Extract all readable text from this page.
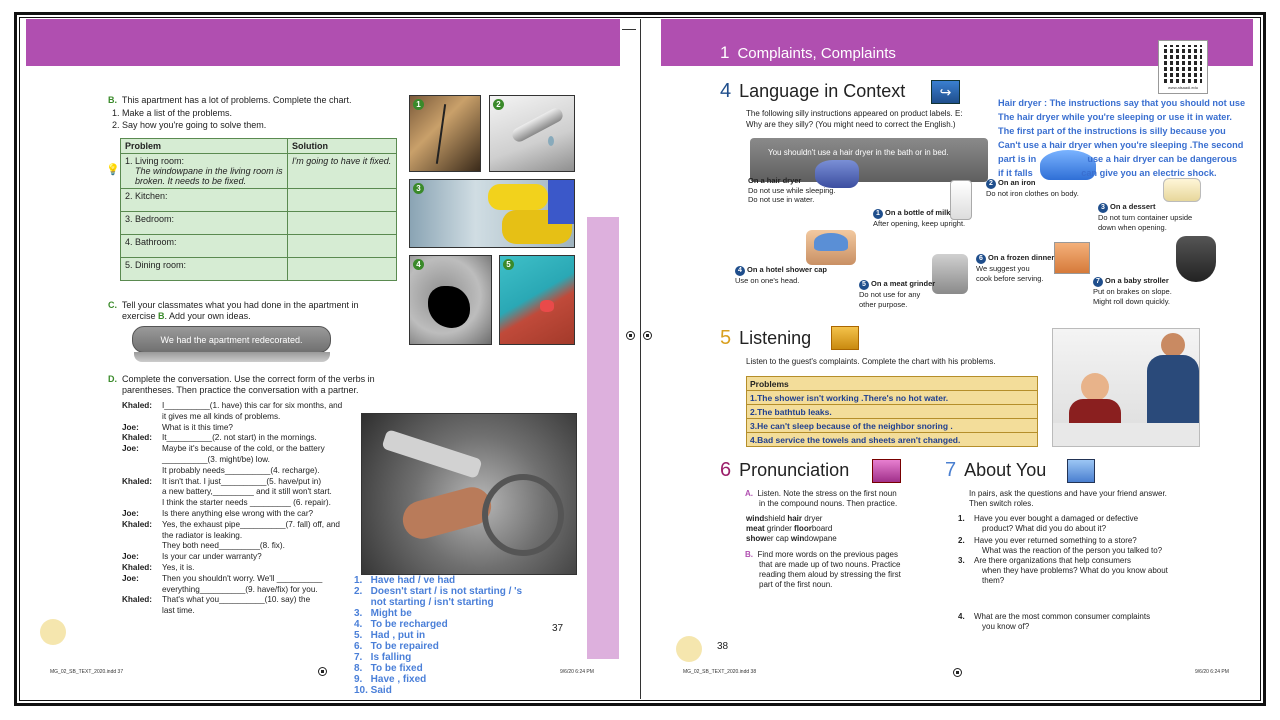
B. This apartment has a lot of problems. Complete the chart.
1. Make a list of the problems.
2. Say how you're going to solve them.
💡
Problem	Solution

1. Living room:
The windowpane in the living room is broken. It needs to be fixed.	I'm going to have it fixed.
2. Kitchen:	
3. Bedroom:	
4. Bathroom:	
5. Dining room:	
1	2
3
4	5
C. Tell your classmates what you had done in the apartment in
exercise B. Add your own ideas.
We had the apartment redecorated.
D. Complete the conversation. Use the correct form of the verbs in
parentheses. Then practice the conversation with a partner.
Khaled: I__________(1. have) this car for six months, and
it gives me all kinds of problems.
Joe:	What is it this time?
Khaled: It__________(2. not start) in the mornings.
Joe:	Maybe it's because of the cold, or the battery
__________(3. might/be) low.
It probably needs__________(4. recharge).
Khaled: It isn't that. I just__________(5. have/put in)
a new battery,_________ and it still won't start.
I think the starter needs _________ (6. repair).
Joe:	Is there anything else wrong with the car?
Khaled: Yes, the exhaust pipe__________(7. fall) off, and
the radiator is leaking.
They both need_________(8. fix).
Joe:	Is your car under warranty?
Khaled: Yes, it is.
Joe:	Then you shouldn't worry. We'll __________
everything__________(9. have/fix) for you.
Khaled: That's what you__________(10. say) the
last time.
1.   Have had / ve had
2.   Doesn't start / is not starting / 's
not starting / isn't starting
3.   Might be
4.   To be recharged
5.   Had , put in
6.   To be repaired
7.   Is falling
8.   To be fixed
9.   Have , fixed
10. Said
37
MG_02_SB_TEXT_2020.indd 37	9/6/20 6:24 PM
1 Complaints, Complaints
www.alsaadi.edu
4 Language in Context	↪
The following silly instructions appeared on product labels. E:
Why are they silly? (You might need to correct the English.)
You shouldn't use a hair dryer in the bath or in bed.
On a hair dryer
Do not use while sleeping.
Do not use in water.
1 On a bottle of milk
After opening, keep upright.
2 On an iron
Do not iron clothes on body.
3 On a dessert
Do not turn container upside
down when opening.
4 On a hotel shower cap
Use on one's head.	5 On a meat grinder
Do not use for any
other purpose.
6 On a frozen dinner
We suggest you
cook before serving.	7 On a baby stroller
Put on brakes on slope.
Might roll down quickly.
Hair dryer : The instructions say that you should not use
The hair dryer while you're sleeping or use it in water.
The first part of the instructions is silly because you
Can't use a hair dryer when you're sleeping .The second
part is in                    use a hair dryer can be dangerous
if it falls                   can give you an electric shock.
5 Listening
Listen to the guest's complaints. Complete the chart with his problems.
Problems
1.The shower isn't working .There's no hot water.
2.The bathtub leaks.
3.He can't sleep because of the neighbor snoring .
4.Bad service the towels and sheets aren't changed.
6 Pronunciation
A. Listen. Note the stress on the first noun
in the compound nouns. Then practice.
windshield hair dryer
meat grinder floorboard
shower cap windowpane
B. Find more words on the previous pages
that are made up of two nouns. Practice
reading them aloud by stressing the first
part of the first noun.
7 About You
In pairs, ask the questions and have your friend answer.
Then switch roles.
1. Have you ever bought a damaged or defective
product? What did you do about it?
2. Have you ever returned something to a store?
What was the reaction of the person you talked to?
3. Are there organizations that help consumers
when they have problems? What do you know about
them?
4. What are the most common consumer complaints
you know of?
38
MG_02_SB_TEXT_2020.indd 38	9/6/20 6:24 PM
